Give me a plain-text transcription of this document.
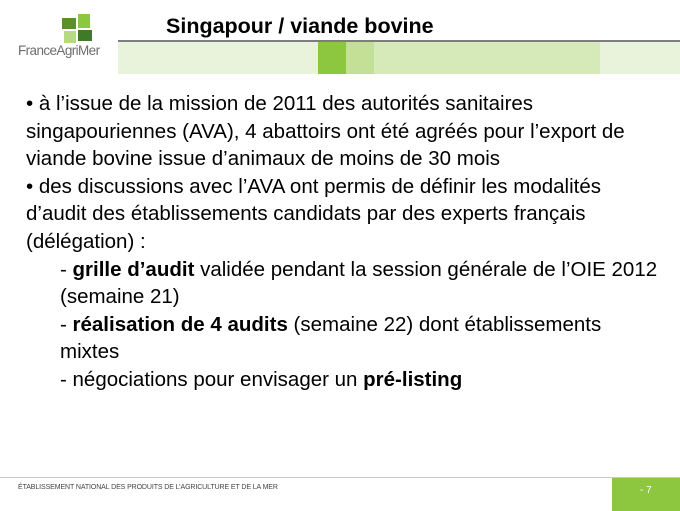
FranceAgriMer
Singapour / viande bovine

• à l’issue de la mission de 2011 des autorités sanitaires singapouriennes (AVA), 4 abattoirs ont été agréés pour l’export de viande bovine issue d’animaux de moins de 30 mois

• des discussions avec l’AVA ont permis de définir les modalités d’audit des établissements candidats par des experts français (délégation) :

- grille d’audit validée pendant la session générale de l’OIE 2012 (semaine 21)

- réalisation de 4 audits (semaine 22) dont établissements mixtes

- négociations pour envisager un pré-listing

ÉTABLISSEMENT NATIONAL DES PRODUITS DE L’AGRICULTURE ET DE LA MER	- 7
